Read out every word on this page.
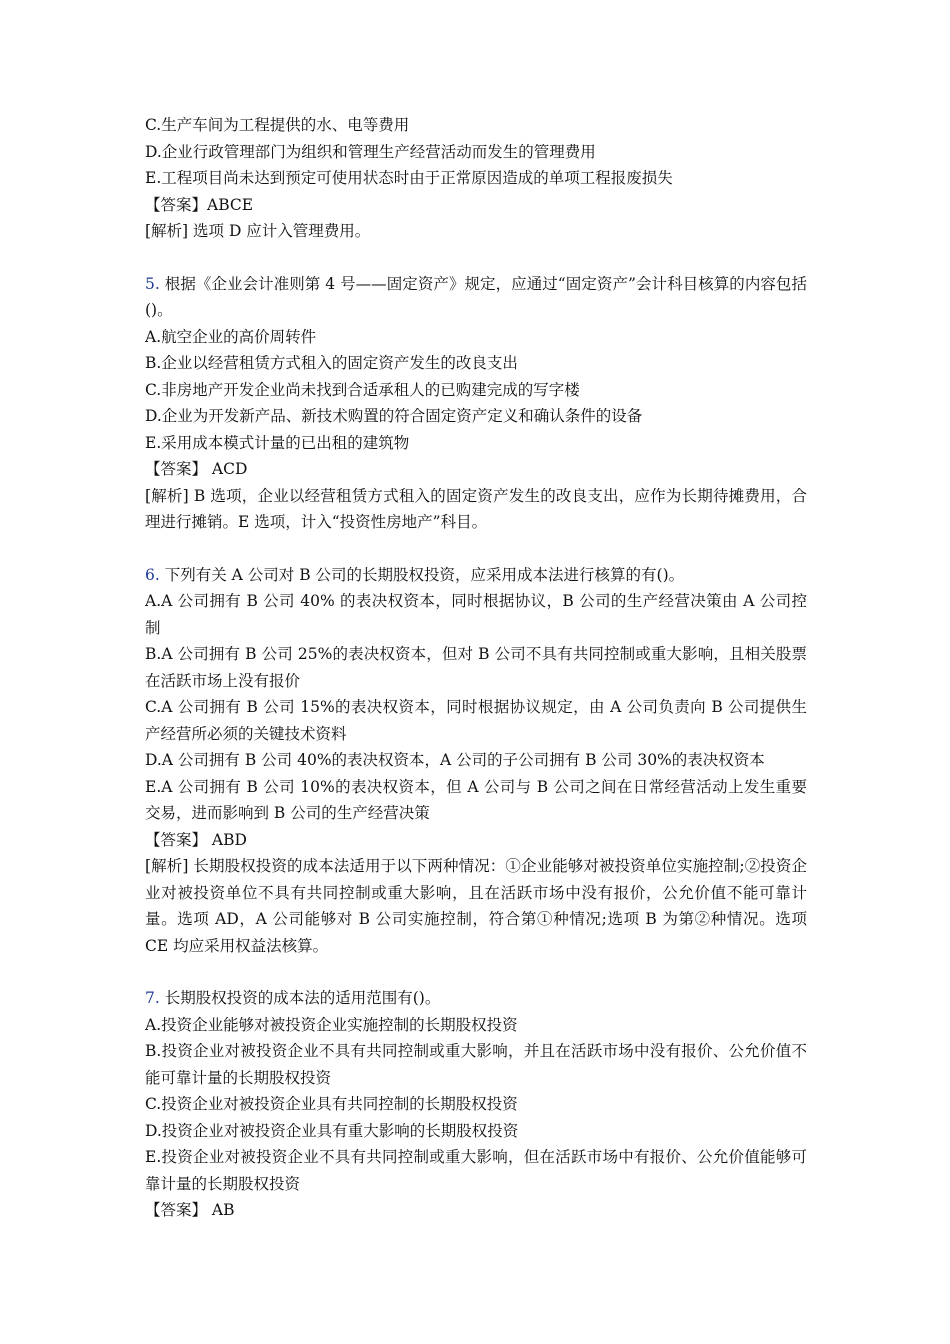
C.生产车间为工程提供的水、电等费用
D.企业行政管理部门为组织和管理生产经营活动而发生的管理费用
E.工程项目尚未达到预定可使用状态时由于正常原因造成的单项工程报废损失
【答案】ABCE
[解析] 选项 D 应计入管理费用。
5. 根据《企业会计准则第 4 号——固定资产》规定，应通过“固定资产”会计科目核算的内容包括()。
A.航空企业的高价周转件
B.企业以经营租赁方式租入的固定资产发生的改良支出
C.非房地产开发企业尚未找到合适承租人的已购建完成的写字楼
D.企业为开发新产品、新技术购置的符合固定资产定义和确认条件的设备
E.采用成本模式计量的已出租的建筑物
【答案】 ACD
[解析] B 选项，企业以经营租赁方式租入的固定资产发生的改良支出，应作为长期待摊费用，合理进行摊销。E 选项，计入“投资性房地产”科目。
6. 下列有关 A 公司对 B 公司的长期股权投资，应采用成本法进行核算的有()。
A.A 公司拥有 B 公司 40% 的表决权资本，同时根据协议，B 公司的生产经营决策由 A 公司控制
B.A 公司拥有 B 公司 25%的表决权资本，但对 B 公司不具有共同控制或重大影响，且相关股票在活跃市场上没有报价
C.A 公司拥有 B 公司 15%的表决权资本，同时根据协议规定，由 A 公司负责向 B 公司提供生产经营所必须的关键技术资料
D.A 公司拥有 B 公司 40%的表决权资本，A 公司的子公司拥有 B 公司 30%的表决权资本
E.A 公司拥有 B 公司 10%的表决权资本，但 A 公司与 B 公司之间在日常经营活动上发生重要交易，进而影响到 B 公司的生产经营决策
【答案】 ABD
[解析] 长期股权投资的成本法适用于以下两种情况：①企业能够对被投资单位实施控制;②投资企业对被投资单位不具有共同控制或重大影响，且在活跃市场中没有报价，公允价值不能可靠计量。选项 AD，A 公司能够对 B 公司实施控制，符合第①种情况;选项 B 为第②种情况。选项 CE 均应采用权益法核算。
7. 长期股权投资的成本法的适用范围有()。
A.投资企业能够对被投资企业实施控制的长期股权投资
B.投资企业对被投资企业不具有共同控制或重大影响，并且在活跃市场中没有报价、公允价值不能可靠计量的长期股权投资
C.投资企业对被投资企业具有共同控制的长期股权投资
D.投资企业对被投资企业具有重大影响的长期股权投资
E.投资企业对被投资企业不具有共同控制或重大影响，但在活跃市场中有报价、公允价值能够可靠计量的长期股权投资
【答案】 AB
